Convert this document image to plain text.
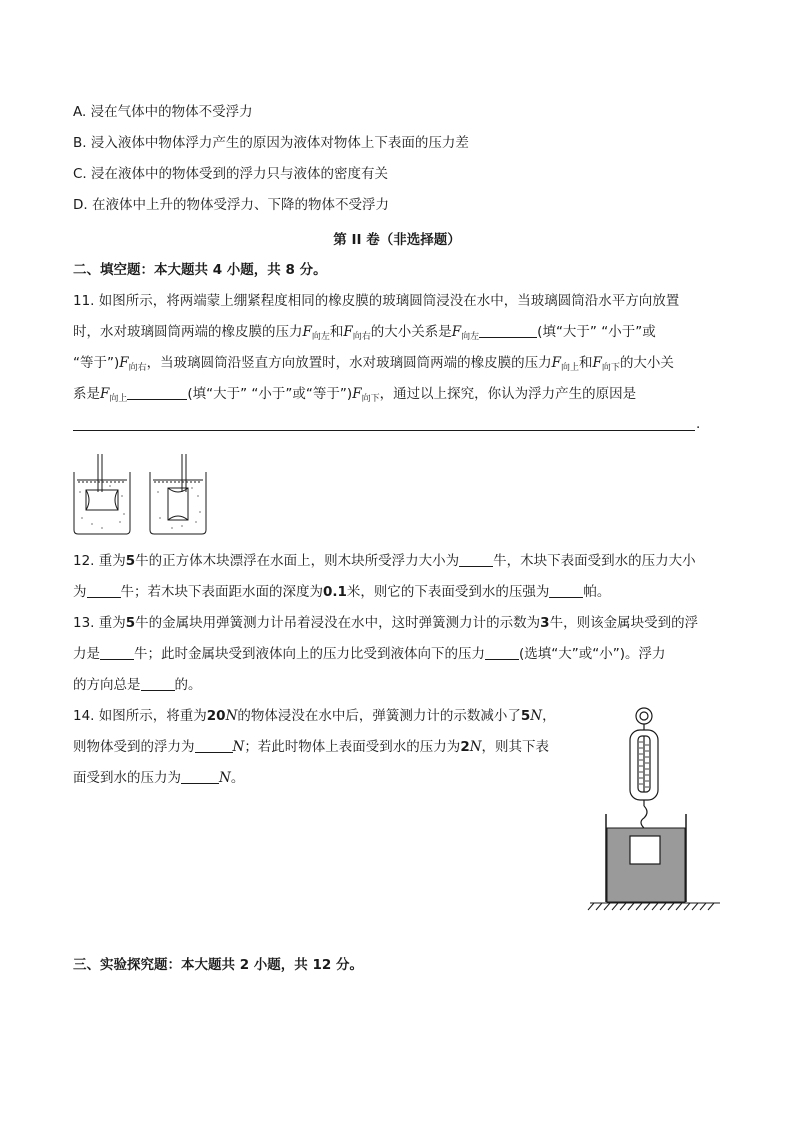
A. 浸在气体中的物体不受浮力
B. 浸入液体中物体浮力产生的原因为液体对物体上下表面的压力差
C. 浸在液体中的物体受到的浮力只与液体的密度有关
D. 在液体中上升的物体受浮力、下降的物体不受浮力
第 II 卷（非选择题）
二、填空题：本大题共 4 小题，共 8 分。
11. 如图所示，将两端蒙上绷紧程度相同的橡皮膜的玻璃圆筒浸没在水中，当玻璃圆筒沿水平方向放置
时，水对玻璃圆筒两端的橡皮膜的压力$F_{向左}$和$F_{向右}$的大小关系是$F_{向左}$	(填“大于” “小于”或
“等于$”)F_{向右}$，当玻璃圆筒沿竖直方向放置时，水对玻璃圆筒两端的橡皮膜的压力$F_{向上}$和$F_{向下}$的大小关
系是$F_{向上}$	(填“大于” “小于”或“等于$”)F_{向下}$，通过以上探究，你认为浮力产生的原因是
.
12. 重为5牛的正方体木块漂浮在水面上，则木块所受浮力大小为	牛，木块下表面受到水的压力大小
为	牛；若木块下表面距水面的深度为0.1米，则它的下表面受到水的压强为	帕。
13. 重为5牛的金属块用弹簧测力计吊着浸没在水中，这时弹簧测力计的示数为3牛，则该金属块受到的浮
力是	牛；此时金属块受到液体向上的压力比受到液体向下的压力	(选填“大”或“小”)。浮力
的方向总是	的。
14. 如图所示，将重为20N的物体浸没在水中后，弹簧测力计的示数减小了5N，
则物体受到的浮力为	N；若此时物体上表面受到水的压力为2N，则其下表
面受到水的压力为	N。
三、实验探究题：本大题共 2 小题，共 12 分。
